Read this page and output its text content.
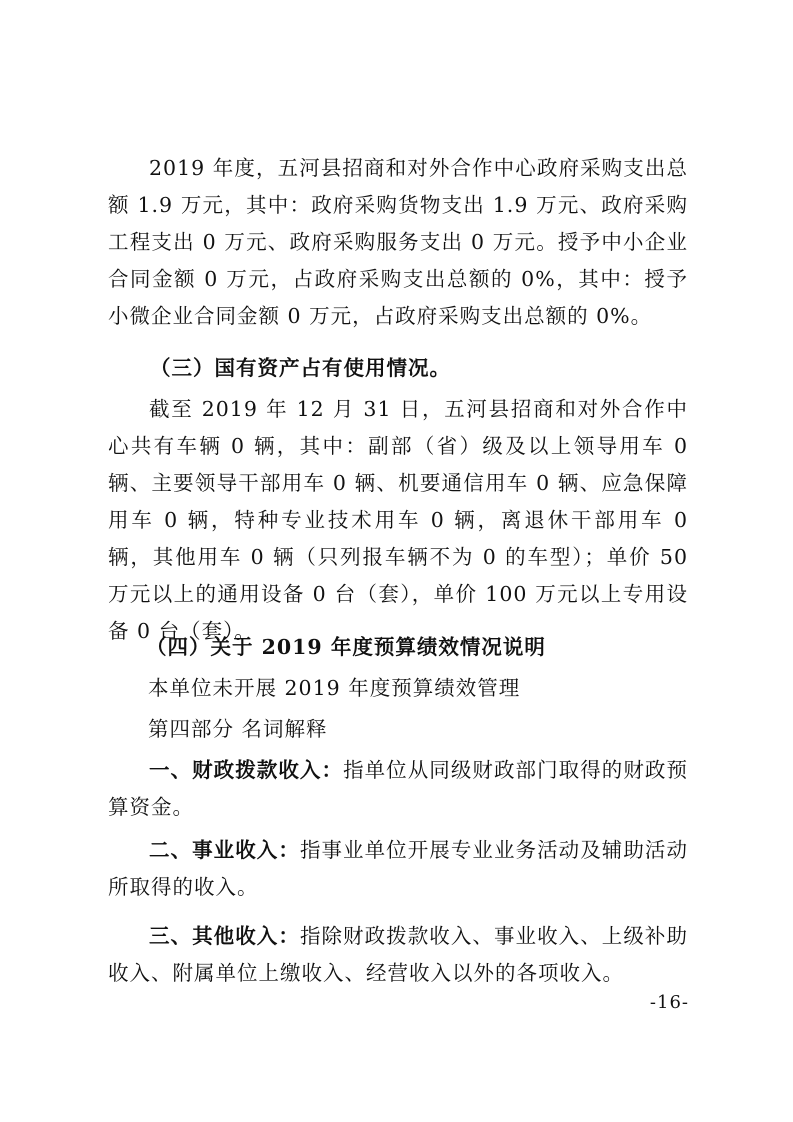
2019 年度，五河县招商和对外合作中心政府采购支出总额 1.9 万元，其中：政府采购货物支出 1.9 万元、政府采购工程支出 0 万元、政府采购服务支出 0 万元。授予中小企业合同金额 0 万元，占政府采购支出总额的 0%，其中：授予小微企业合同金额 0 万元，占政府采购支出总额的 0%。

（三）国有资产占有使用情况。

截至 2019 年 12 月 31 日，五河县招商和对外合作中心共有车辆 0 辆，其中：副部（省）级及以上领导用车 0 辆、主要领导干部用车 0 辆、机要通信用车 0 辆、应急保障用车 0 辆，特种专业技术用车 0 辆，离退休干部用车 0 辆，其他用车 0 辆（只列报车辆不为 0 的车型）；单价 50 万元以上的通用设备 0 台（套），单价 100 万元以上专用设备 0 台（套）。

（四）关于 2019 年度预算绩效情况说明

本单位未开展 2019 年度预算绩效管理

第四部分 名词解释

一、财政拨款收入：指单位从同级财政部门取得的财政预算资金。

二、事业收入：指事业单位开展专业业务活动及辅助活动所取得的收入。

三、其他收入：指除财政拨款收入、事业收入、上级补助收入、附属单位上缴收入、经营收入以外的各项收入。

-16-
